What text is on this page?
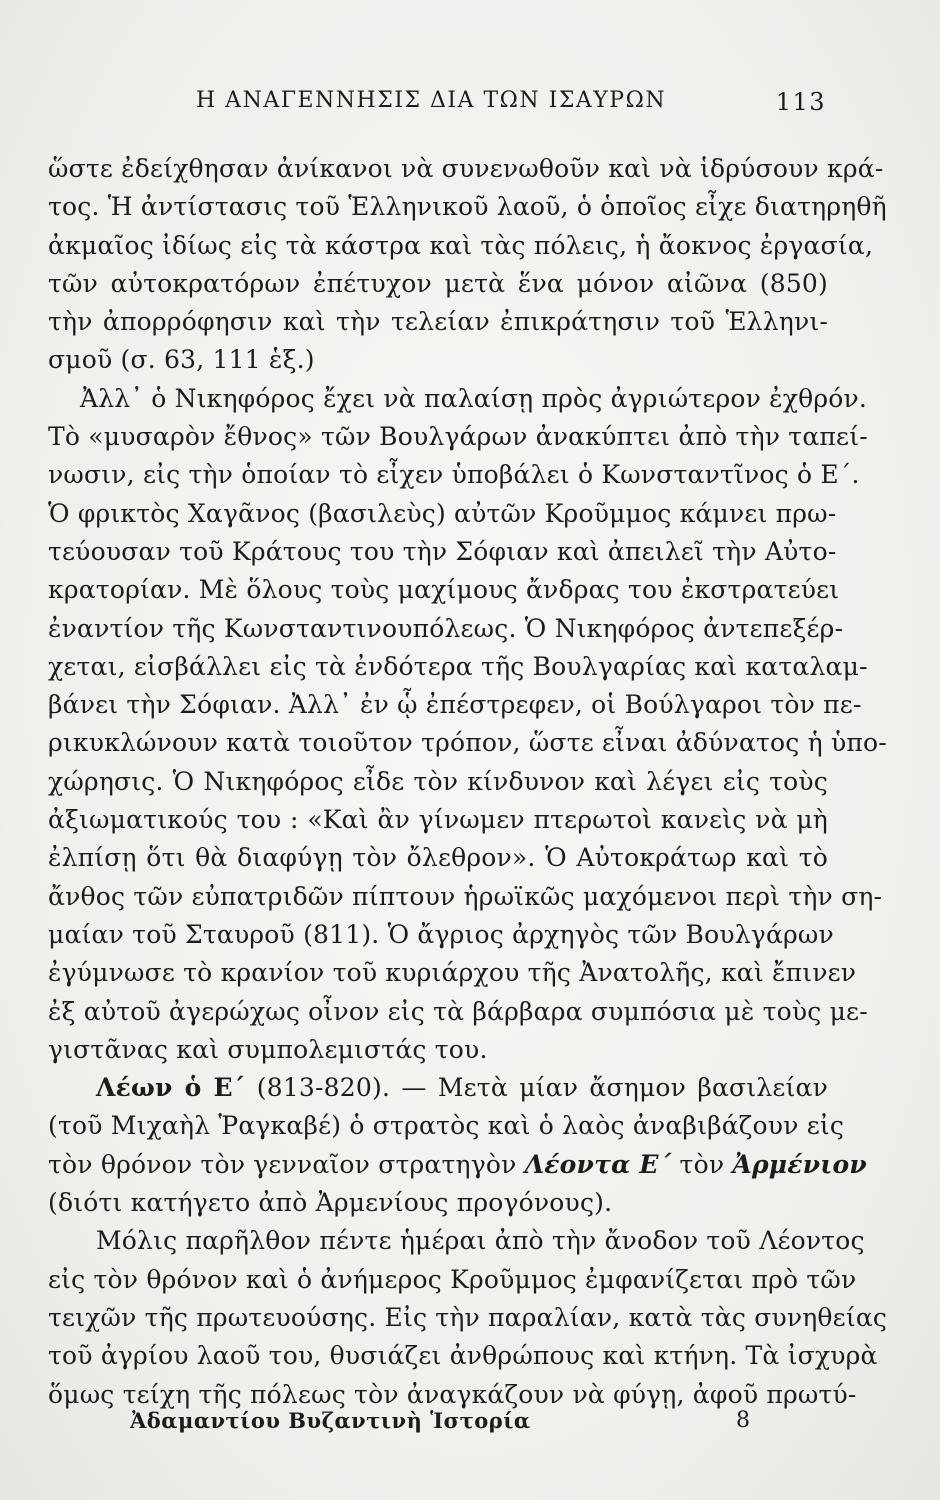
Η ΑΝΑΓΕΝΝΗΣΙΣ ΔΙΑ ΤΩΝ ΙΣΑΥΡΩΝ	113
ὥστε ἐδείχθησαν ἀνίκανοι νὰ συνενωθοῦν καὶ νὰ ἱδρύσουν κρά-
τος. Ἡ ἀντίστασις τοῦ Ἑλληνικοῦ λαοῦ, ὁ ὁποῖος εἶχε διατηρηθῆ
ἀκμαῖος ἰδίως εἰς τὰ κάστρα καὶ τὰς πόλεις, ἡ ἄοκνος ἐργασία,
τῶν αὐτοκρατόρων ἐπέτυχον μετὰ ἕνα μόνον αἰῶνα (850)
τὴν ἀπορρόφησιν καὶ τὴν τελείαν ἐπικράτησιν τοῦ Ἑλληνι-
σμοῦ (σ. 63, 111 ἑξ.)
Ἀλλ᾽ ὁ Νικηφόρος ἔχει νὰ παλαίσῃ πρὸς ἀγριώτερον ἐχθρόν.
Τὸ «μυσαρὸν ἔθνος» τῶν Βουλγάρων ἀνακύπτει ἀπὸ τὴν ταπεί-
νωσιν, εἰς τὴν ὁποίαν τὸ εἶχεν ὑποβάλει ὁ Κωνσταντῖνος ὁ Ε΄.
Ὁ φρικτὸς Χαγᾶνος (βασιλεὺς) αὐτῶν Κροῦμμος κάμνει πρω-
τεύουσαν τοῦ Κράτους του τὴν Σόφιαν καὶ ἀπειλεῖ τὴν Αὐτο-
κρατορίαν. Μὲ ὅλους τοὺς μαχίμους ἄνδρας του ἐκστρατεύει
ἐναντίον τῆς Κωνσταντινουπόλεως. Ὁ Νικηφόρος ἀντεπεξέρ-
χεται, εἰσβάλλει εἰς τὰ ἐνδότερα τῆς Βουλγαρίας καὶ καταλαμ-
βάνει τὴν Σόφιαν. Ἀλλ᾽ ἐν ᾧ ἐπέστρεφεν, οἱ Βούλγαροι τὸν πε-
ρικυκλώνουν κατὰ τοιοῦτον τρόπον, ὥστε εἶναι ἀδύνατος ἡ ὑπο-
χώρησις. Ὁ Νικηφόρος εἶδε τὸν κίνδυνον καὶ λέγει εἰς τοὺς
ἀξιωματικούς του : «Καὶ ἂν γίνωμεν πτερωτοὶ κανεὶς νὰ μὴ
ἐλπίσῃ ὅτι θὰ διαφύγῃ τὸν ὄλεθρον». Ὁ Αὐτοκράτωρ καὶ τὸ
ἄνθος τῶν εὐπατριδῶν πίπτουν ἡρωϊκῶς μαχόμενοι περὶ τὴν ση-
μαίαν τοῦ Σταυροῦ (811). Ὁ ἄγριος ἀρχηγὸς τῶν Βουλγάρων
ἐγύμνωσε τὸ κρανίον τοῦ κυριάρχου τῆς Ἀνατολῆς, καὶ ἔπινεν
ἐξ αὐτοῦ ἀγερώχως οἶνον εἰς τὰ βάρβαρα συμπόσια μὲ τοὺς με-
γιστᾶνας καὶ συμπολεμιστάς του.
Λέων ὁ Ε΄ (813-820). — Μετὰ μίαν ἄσημον βασιλείαν
(τοῦ Μιχαὴλ Ῥαγκαβέ) ὁ στρατὸς καὶ ὁ λαὸς ἀναβιβάζουν εἰς
τὸν θρόνον τὸν γενναῖον στρατηγὸν Λέοντα Ε΄ τὸν Ἀρμένιον
(διότι κατήγετο ἀπὸ Ἀρμενίους προγόνους).
Μόλις παρῆλθον πέντε ἡμέραι ἀπὸ τὴν ἄνοδον τοῦ Λέοντος
εἰς τὸν θρόνον καὶ ὁ ἀνήμερος Κροῦμμος ἐμφανίζεται πρὸ τῶν
τειχῶν τῆς πρωτευούσης. Εἰς τὴν παραλίαν, κατὰ τὰς συνηθείας
τοῦ ἀγρίου λαοῦ του, θυσιάζει ἀνθρώπους καὶ κτήνη. Τὰ ἰσχυρὰ
ὅμως τείχη τῆς πόλεως τὸν ἀναγκάζουν νὰ φύγῃ, ἀφοῦ πρωτύ-
Ἀδαμαντίου Βυζαντινὴ Ἱστορία	8
